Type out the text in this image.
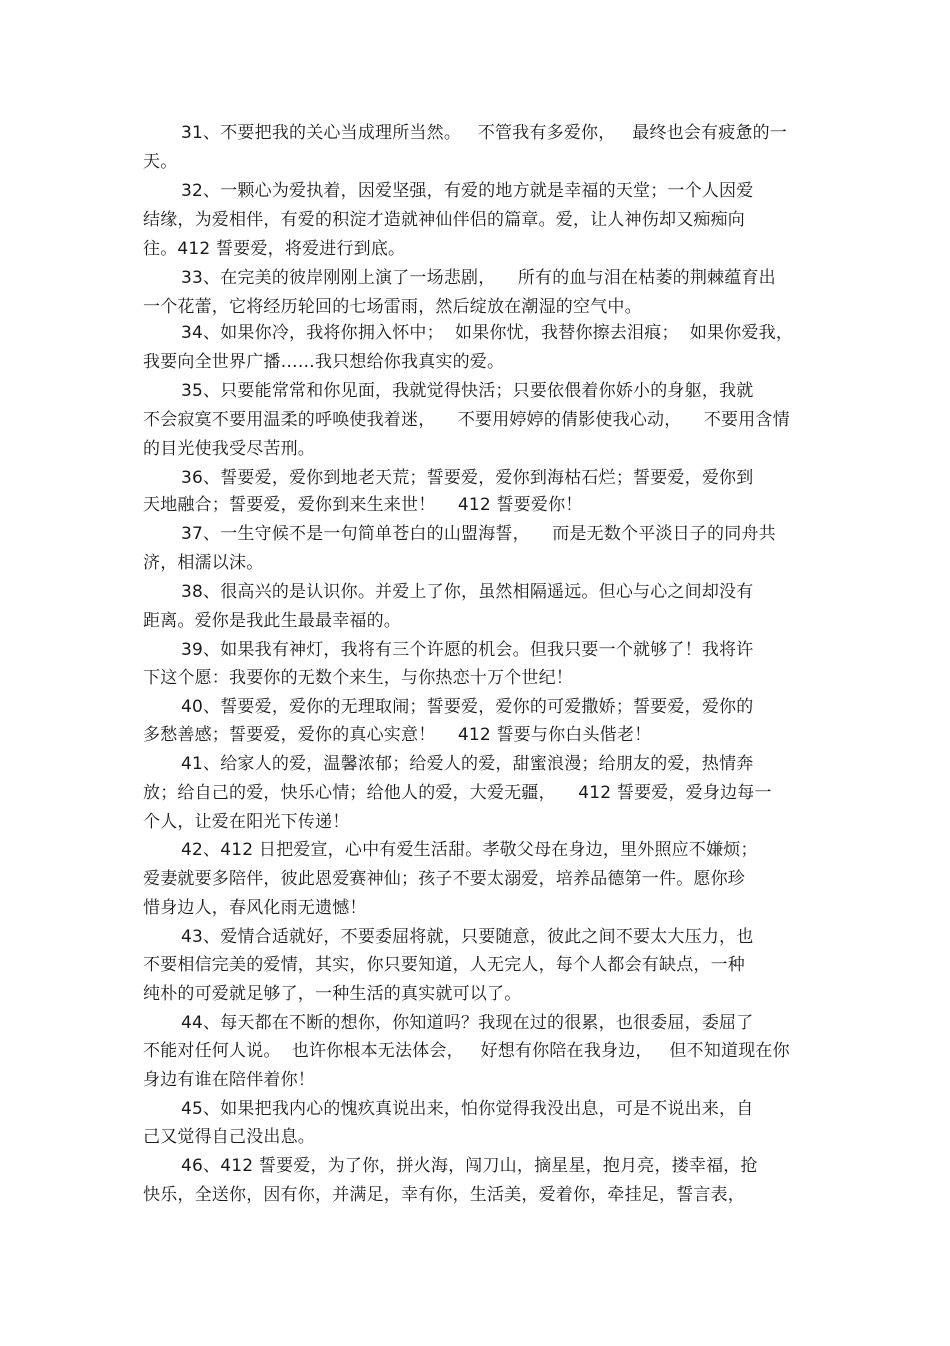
31、不要把我的关心当成理所当然。   不管我有多爱你，   最终也会有疲惫的一
天。
32、一颗心为爱执着，因爱坚强，有爱的地方就是幸福的天堂；一个人因爱
结缘，为爱相伴，有爱的积淀才造就神仙伴侣的篇章。爱，让人神伤却又痴痴向
往。412 誓要爱，将爱进行到底。
33、在完美的彼岸刚刚上演了一场悲剧，    所有的血与泪在枯萎的荆棘蕴育出
一个花蕾，它将经历轮回的七场雷雨，然后绽放在潮湿的空气中。
34、如果你冷，我将你拥入怀中；  如果你忧，我替你擦去泪痕；  如果你爱我，
我要向全世界广播……我只想给你我真实的爱。
35、只要能常常和你见面，我就觉得快活；只要依偎着你娇小的身躯，我就
不会寂寞不要用温柔的呼唤使我着迷，    不要用婷婷的倩影使我心动，    不要用含情
的目光使我受尽苦刑。
36、誓要爱，爱你到地老天荒；誓要爱，爱你到海枯石烂；誓要爱，爱你到
天地融合；誓要爱，爱你到来生来世！    412 誓要爱你！
37、一生守候不是一句简单苍白的山盟海誓，    而是无数个平淡日子的同舟共
济，相濡以沫。
38、很高兴的是认识你。并爱上了你，虽然相隔遥远。但心与心之间却没有
距离。爱你是我此生最最幸福的。
39、如果我有神灯，我将有三个许愿的机会。但我只要一个就够了！我将许
下这个愿：我要你的无数个来生，与你热恋十万个世纪！
40、誓要爱，爱你的无理取闹；誓要爱，爱你的可爱撒娇；誓要爱，爱你的
多愁善感；誓要爱，爱你的真心实意！    412 誓要与你白头偕老！
41、给家人的爱，温馨浓郁；给爱人的爱，甜蜜浪漫；给朋友的爱，热情奔
放；给自己的爱，快乐心情；给他人的爱，大爱无疆，    412 誓要爱，爱身边每一
个人，让爱在阳光下传递！
42、412 日把爱宣，心中有爱生活甜。孝敬父母在身边，里外照应不嫌烦；
爱妻就要多陪伴，彼此恩爱赛神仙；孩子不要太溺爱，培养品德第一件。愿你珍
惜身边人，春风化雨无遗憾！
43、爱情合适就好，不要委屈将就，只要随意，彼此之间不要太大压力，也
不要相信完美的爱情，其实，你只要知道，人无完人，每个人都会有缺点，一种
纯朴的可爱就足够了，一种生活的真实就可以了。
44、每天都在不断的想你，你知道吗？我现在过的很累，也很委屈，委屈了
不能对任何人说。  也许你根本无法体会，   好想有你陪在我身边，   但不知道现在你
身边有谁在陪伴着你！
45、如果把我内心的愧疚真说出来，怕你觉得我没出息，可是不说出来，自
己又觉得自己没出息。
46、412 誓要爱，为了你，拼火海，闯刀山，摘星星，抱月亮，搂幸福，抢
快乐，全送你，因有你，并满足，幸有你，生活美，爱着你，牵挂足，誓言表，
